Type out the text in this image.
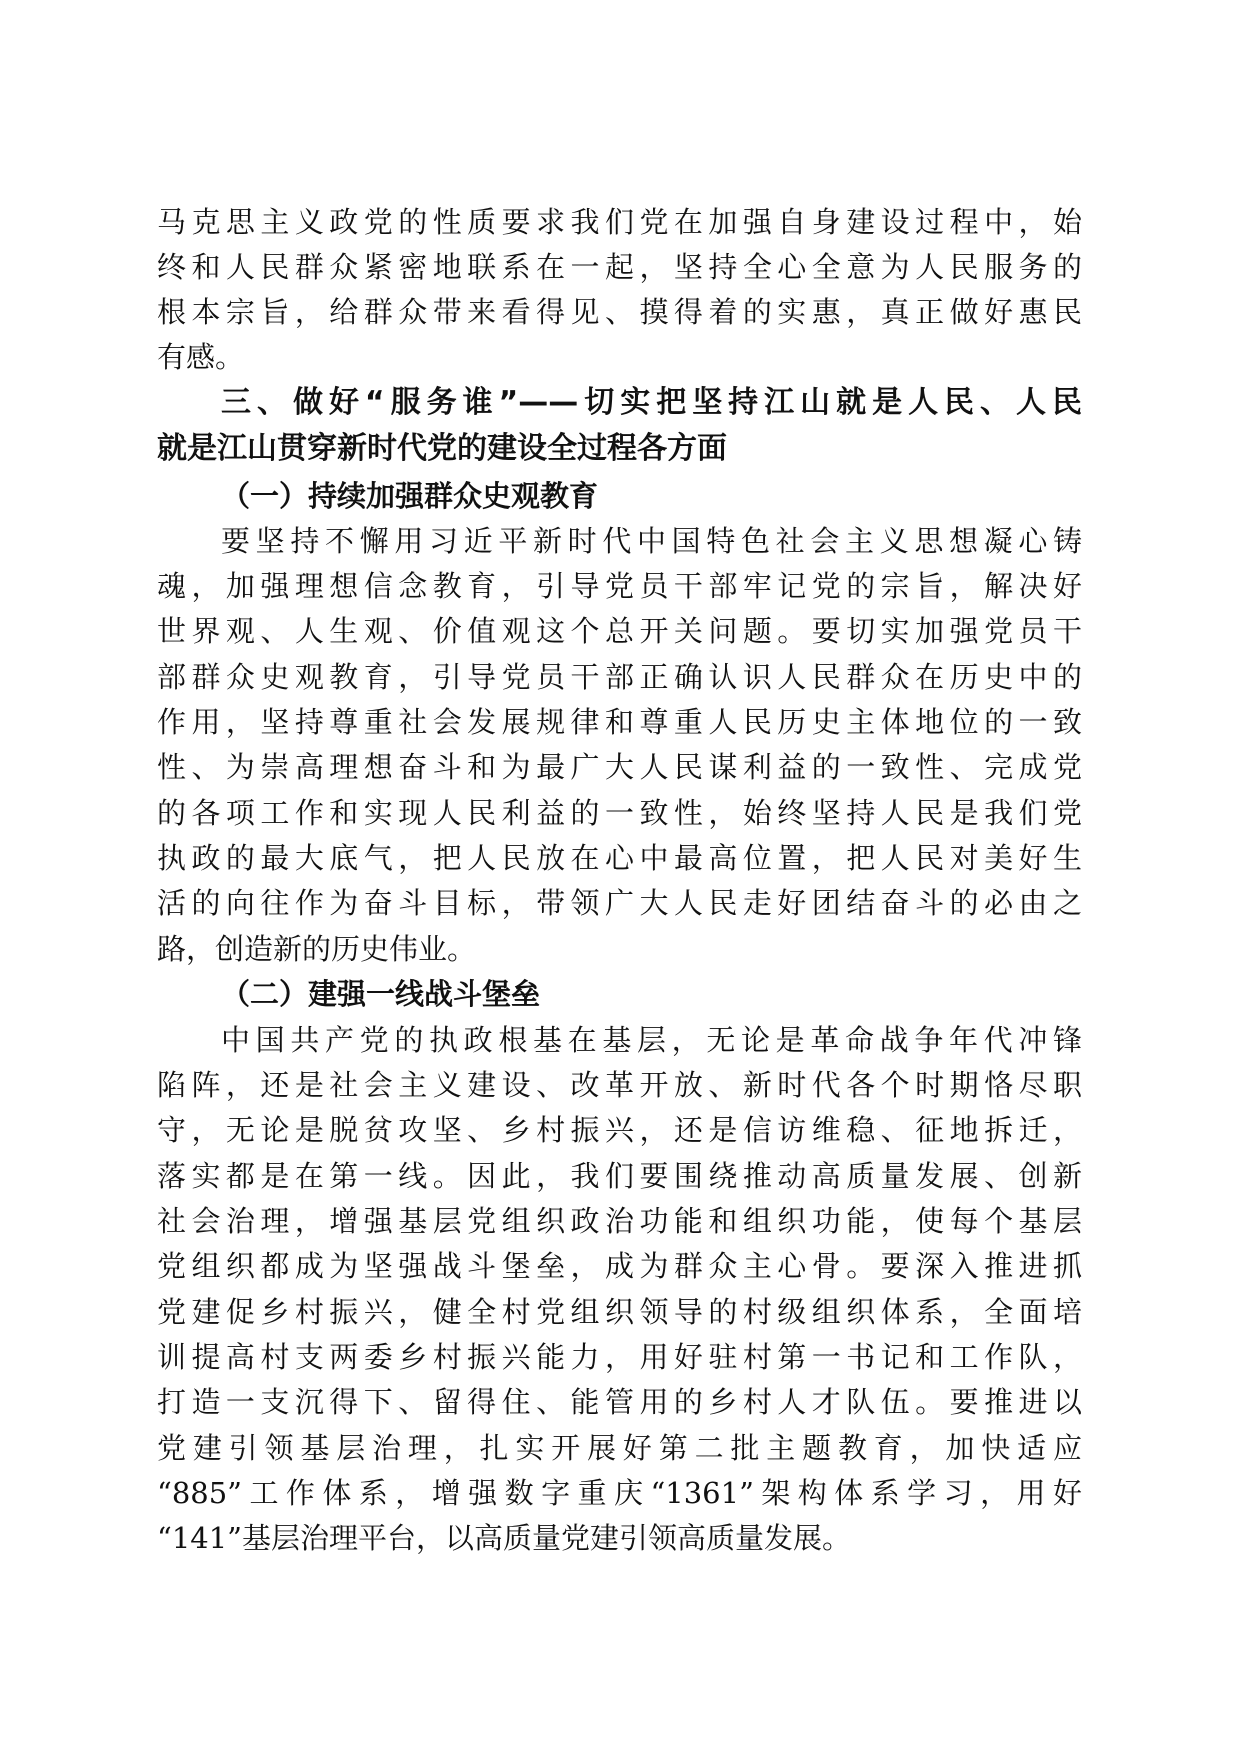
马克思主义政党的性质要求我们党在加强自身建设过程中，始
终和人民群众紧密地联系在一起，坚持全心全意为人民服务的
根本宗旨，给群众带来看得见、摸得着的实惠，真正做好惠民
有感。
三、做好“服务谁”——切实把坚持江山就是人民、人民
就是江山贯穿新时代党的建设全过程各方面
（一）持续加强群众史观教育
要坚持不懈用习近平新时代中国特色社会主义思想凝心铸
魂，加强理想信念教育，引导党员干部牢记党的宗旨，解决好
世界观、人生观、价值观这个总开关问题。要切实加强党员干
部群众史观教育，引导党员干部正确认识人民群众在历史中的
作用，坚持尊重社会发展规律和尊重人民历史主体地位的一致
性、为崇高理想奋斗和为最广大人民谋利益的一致性、完成党
的各项工作和实现人民利益的一致性，始终坚持人民是我们党
执政的最大底气，把人民放在心中最高位置，把人民对美好生
活的向往作为奋斗目标，带领广大人民走好团结奋斗的必由之
路，创造新的历史伟业。
（二）建强一线战斗堡垒
中国共产党的执政根基在基层，无论是革命战争年代冲锋
陷阵，还是社会主义建设、改革开放、新时代各个时期恪尽职
守，无论是脱贫攻坚、乡村振兴，还是信访维稳、征地拆迁，
落实都是在第一线。因此，我们要围绕推动高质量发展、创新
社会治理，增强基层党组织政治功能和组织功能，使每个基层
党组织都成为坚强战斗堡垒，成为群众主心骨。要深入推进抓
党建促乡村振兴，健全村党组织领导的村级组织体系，全面培
训提高村支两委乡村振兴能力，用好驻村第一书记和工作队，
打造一支沉得下、留得住、能管用的乡村人才队伍。要推进以
党建引领基层治理，扎实开展好第二批主题教育，加快适应
“885”工作体系，增强数字重庆“1361”架构体系学习，用好
“141”基层治理平台，以高质量党建引领高质量发展。
